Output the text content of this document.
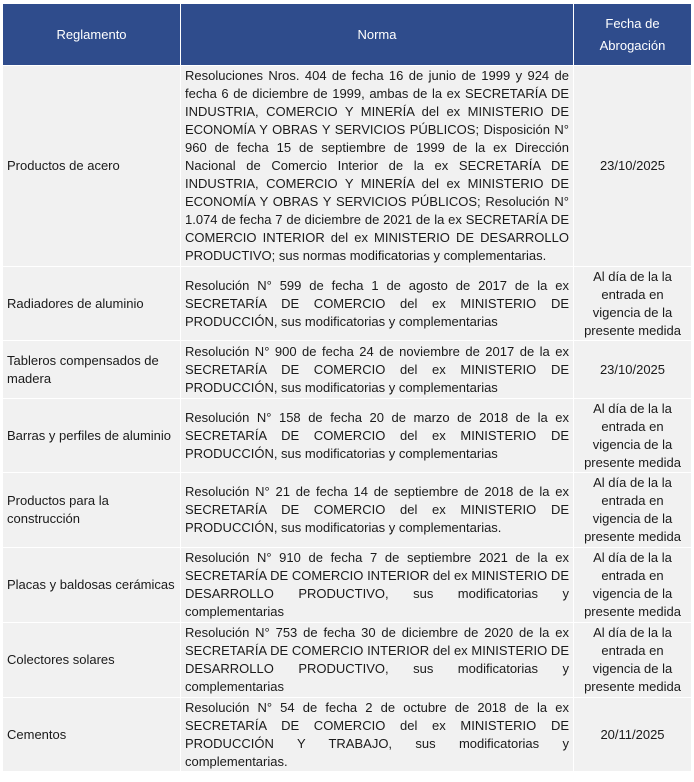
Reglamento	Norma	Fecha de Abrogación
Productos de acero	Resoluciones Nros. 404 de fecha 16 de junio de 1999 y 924 de fecha 6 de diciembre de 1999, ambas de la ex SECRETARÍA DE INDUSTRIA, COMERCIO Y MINERÍA del ex MINISTERIO DE ECONOMÍA Y OBRAS Y SERVICIOS PÚBLICOS; Disposición N° 960 de fecha 15 de septiembre de 1999 de la ex Dirección Nacional de Comercio Interior de la ex SECRETARÍA DE INDUSTRIA, COMERCIO Y MINERÍA del ex MINISTERIO DE ECONOMÍA Y OBRAS Y SERVICIOS PÚBLICOS; Resolución N° 1.074 de fecha 7 de diciembre de 2021 de la ex SECRETARÍA DE COMERCIO INTERIOR del ex MINISTERIO DE DESARROLLO PRODUCTIVO; sus normas modificatorias y complementarias.	23/10/2025
Radiadores de aluminio	Resolución N° 599 de fecha 1 de agosto de 2017 de la ex SECRETARÍA DE COMERCIO del ex MINISTERIO DE PRODUCCIÓN, sus modificatorias y complementarias	Al día de la la entrada en vigencia de la presente medida
Tableros compensados de madera	Resolución N° 900 de fecha 24 de noviembre de 2017 de la ex SECRETARÍA DE COMERCIO del ex MINISTERIO DE PRODUCCIÓN, sus modificatorias y complementarias	23/10/2025
Barras y perfiles de aluminio	Resolución N° 158 de fecha 20 de marzo de 2018 de la ex SECRETARÍA DE COMERCIO del ex MINISTERIO DE PRODUCCIÓN, sus modificatorias y complementarias	Al día de la la entrada en vigencia de la presente medida
Productos para la construcción	Resolución N° 21 de fecha 14 de septiembre de 2018 de la ex SECRETARÍA DE COMERCIO del ex MINISTERIO DE PRODUCCIÓN, sus modificatorias y complementarias.	Al día de la la entrada en vigencia de la presente medida
Placas y baldosas cerámicas	Resolución N° 910 de fecha 7 de septiembre 2021 de la ex SECRETARÍA DE COMERCIO INTERIOR del ex MINISTERIO DE DESARROLLO PRODUCTIVO, sus modificatorias y complementarias	Al día de la la entrada en vigencia de la presente medida
Colectores solares	Resolución N° 753 de fecha 30 de diciembre de 2020 de la ex SECRETARÍA DE COMERCIO INTERIOR del ex MINISTERIO DE DESARROLLO PRODUCTIVO, sus modificatorias y complementarias	Al día de la la entrada en vigencia de la presente medida
Cementos	Resolución N° 54 de fecha 2 de octubre de 2018 de la ex SECRETARÍA DE COMERCIO del ex MINISTERIO DE PRODUCCIÓN Y TRABAJO, sus modificatorias y complementarias.	20/11/2025
